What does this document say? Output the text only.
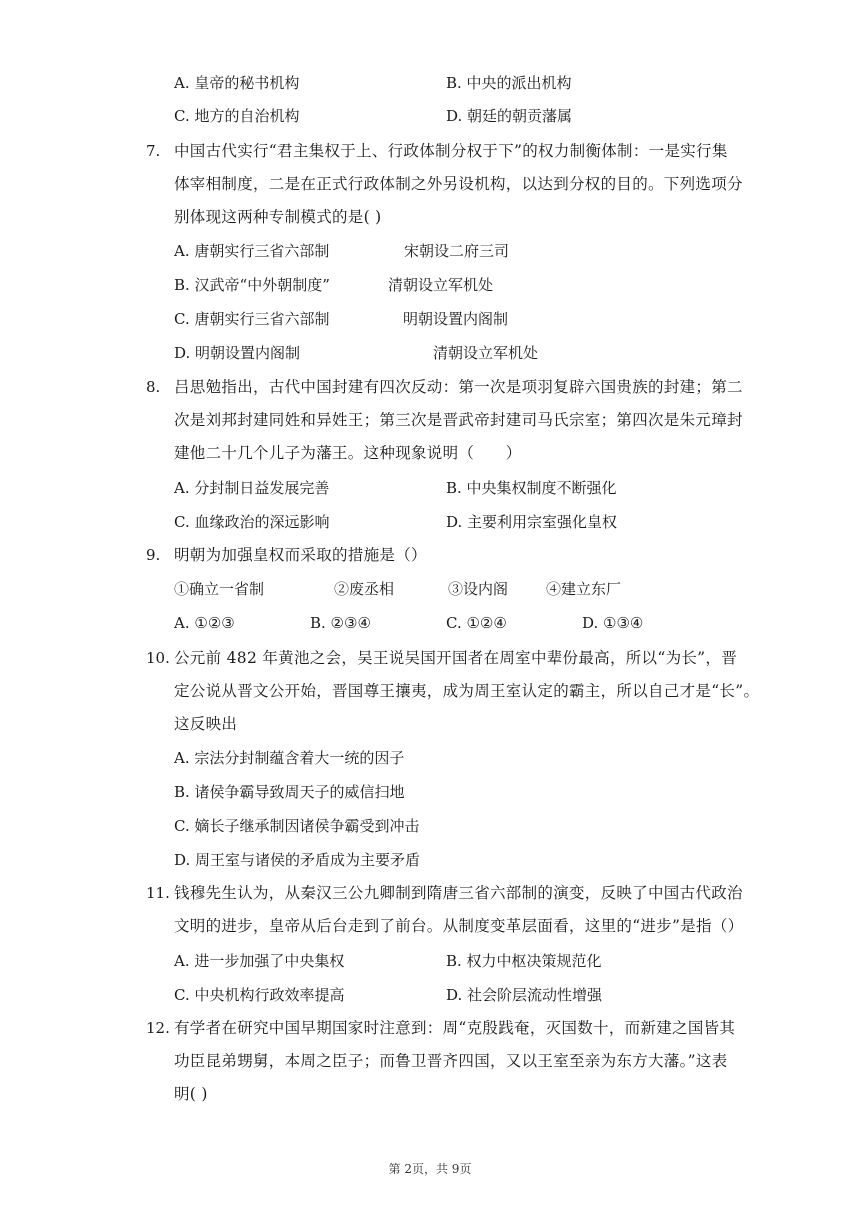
A. 皇帝的秘书机构	B. 中央的派出机构
C. 地方的自治机构	D. 朝廷的朝贡藩属
7. 中国古代实行“君主集权于上、行政体制分权于下”的权力制衡体制：一是实行集
体宰相制度，二是在正式行政体制之外另设机构，以达到分权的目的。下列选项分
别体现这两种专制模式的是( )
A. 唐朝实行三省六部制	宋朝设二府三司
B. 汉武帝“中外朝制度”	清朝设立军机处
C. 唐朝实行三省六部制	明朝设置内阁制
D. 明朝设置内阁制	清朝设立军机处
8. 吕思勉指出，古代中国封建有四次反动：第一次是项羽复辟六国贵族的封建；第二
次是刘邦封建同姓和异姓王；第三次是晋武帝封建司马氏宗室；第四次是朱元璋封
建他二十几个儿子为藩王。这种现象说明（　　）
A. 分封制日益发展完善	B. 中央集权制度不断强化
C. 血缘政治的深远影响	D. 主要利用宗室强化皇权
9. 明朝为加强皇权而采取的措施是（）
①确立一省制	②废丞相	③设内阁	④建立东厂
A. ①②③	B. ②③④	C. ①②④	D. ①③④
10. 公元前 482 年黄池之会，吴王说吴国开国者在周室中辈份最高，所以“为长”，晋
定公说从晋文公开始，晋国尊王攘夷，成为周王室认定的霸主，所以自己才是“长”。
这反映出
A. 宗法分封制蕴含着大一统的因子
B. 诸侯争霸导致周天子的威信扫地
C. 嫡长子继承制因诸侯争霸受到冲击
D. 周王室与诸侯的矛盾成为主要矛盾
11. 钱穆先生认为，从秦汉三公九卿制到隋唐三省六部制的演变，反映了中国古代政治
文明的进步，皇帝从后台走到了前台。从制度变革层面看，这里的“进步”是指（）
A. 进一步加强了中央集权	B. 权力中枢决策规范化
C. 中央机构行政效率提高	D. 社会阶层流动性增强
12. 有学者在研究中国早期国家时注意到：周“克殷践奄，灭国数十，而新建之国皆其
功臣昆弟甥舅，本周之臣子；而鲁卫晋齐四国，又以王室至亲为东方大藩。”这表
明( )
第 2页，共 9页
